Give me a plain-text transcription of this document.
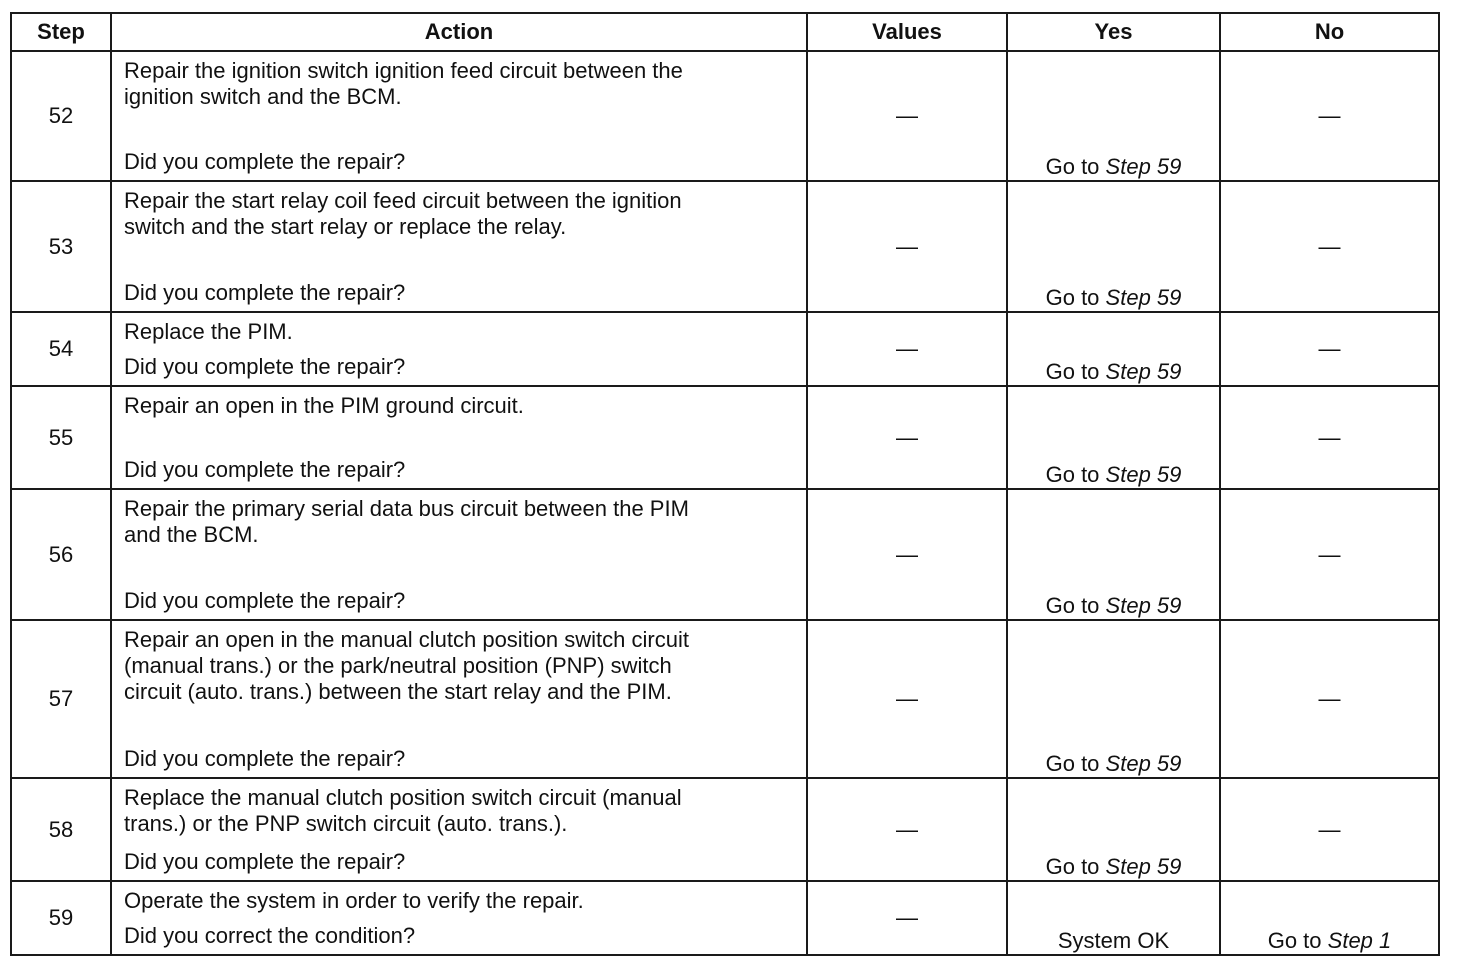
Step	Action	Values	Yes	No
52	Repair the ignition switch ignition feed circuit between the
ignition switch and the BCM.
Did you complete the repair?	—	Go to Step 59	—
53	Repair the start relay coil feed circuit between the ignition
switch and the start relay or replace the relay.
Did you complete the repair?	—	Go to Step 59	—
54	Replace the PIM.
Did you complete the repair?	—	Go to Step 59	—
55	Repair an open in the PIM ground circuit.
Did you complete the repair?	—	Go to Step 59	—
56	Repair the primary serial data bus circuit between the PIM
and the BCM.
Did you complete the repair?	—	Go to Step 59	—
57	Repair an open in the manual clutch position switch circuit
(manual trans.) or the park/neutral position (PNP) switch
circuit (auto. trans.) between the start relay and the PIM.
Did you complete the repair?	—	Go to Step 59	—
58	Replace the manual clutch position switch circuit (manual
trans.) or the PNP switch circuit (auto. trans.).
Did you complete the repair?	—	Go to Step 59	—
59	Operate the system in order to verify the repair.
Did you correct the condition?	—	System OK	Go to Step 1
